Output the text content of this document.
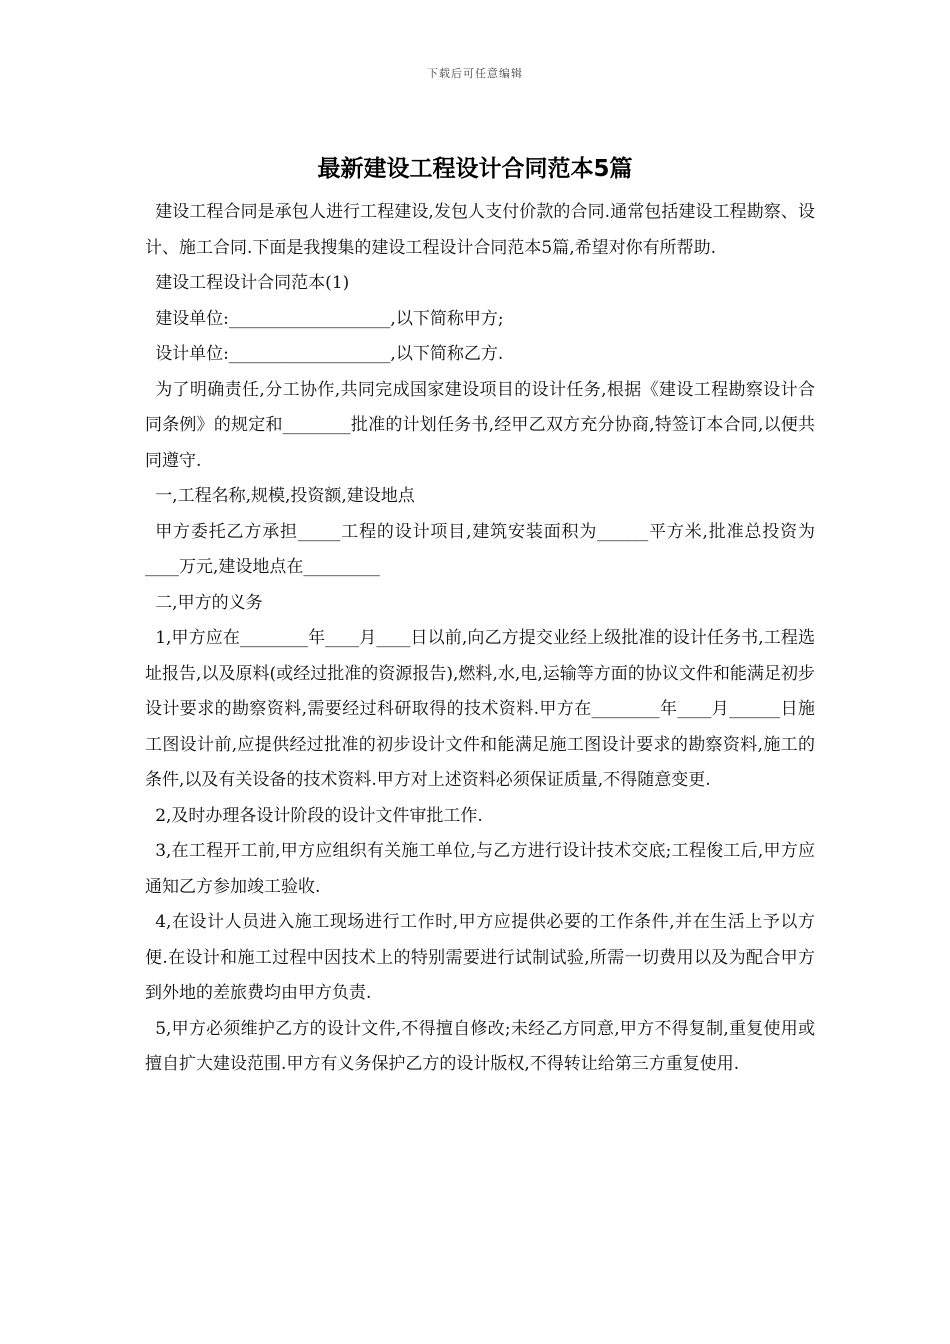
下载后可任意编辑
最新建设工程设计合同范本5篇

建设工程合同是承包人进行工程建设,发包人支付价款的合同.通常包括建设工程勘察、设计、施工合同.下面是我搜集的建设工程设计合同范本5篇,希望对你有所帮助.

建设工程设计合同范本(1)

建设单位:___________________,以下简称甲方;

设计单位:___________________,以下简称乙方.

为了明确责任,分工协作,共同完成国家建设项目的设计任务,根据《建设工程勘察设计合同条例》的规定和________批准的计划任务书,经甲乙双方充分协商,特签订本合同,以便共同遵守.

一,工程名称,规模,投资额,建设地点

甲方委托乙方承担_____工程的设计项目,建筑安装面积为______平方米,批准总投资为____万元,建设地点在_________

二,甲方的义务

1,甲方应在________年____月____日以前,向乙方提交业经上级批准的设计任务书,工程选址报告,以及原料(或经过批准的资源报告),燃料,水,电,运输等方面的协议文件和能满足初步设计要求的勘察资料,需要经过科研取得的技术资料.甲方在________年____月______日施工图设计前,应提供经过批准的初步设计文件和能满足施工图设计要求的勘察资料,施工的条件,以及有关设备的技术资料.甲方对上述资料必须保证质量,不得随意变更.

2,及时办理各设计阶段的设计文件审批工作.

3,在工程开工前,甲方应组织有关施工单位,与乙方进行设计技术交底;工程俊工后,甲方应通知乙方参加竣工验收.

4,在设计人员进入施工现场进行工作时,甲方应提供必要的工作条件,并在生活上予以方便.在设计和施工过程中因技术上的特别需要进行试制试验,所需一切费用以及为配合甲方到外地的差旅费均由甲方负责.

5,甲方必须维护乙方的设计文件,不得擅自修改;未经乙方同意,甲方不得复制,重复使用或擅自扩大建设范围.甲方有义务保护乙方的设计版权,不得转让给第三方重复使用.
